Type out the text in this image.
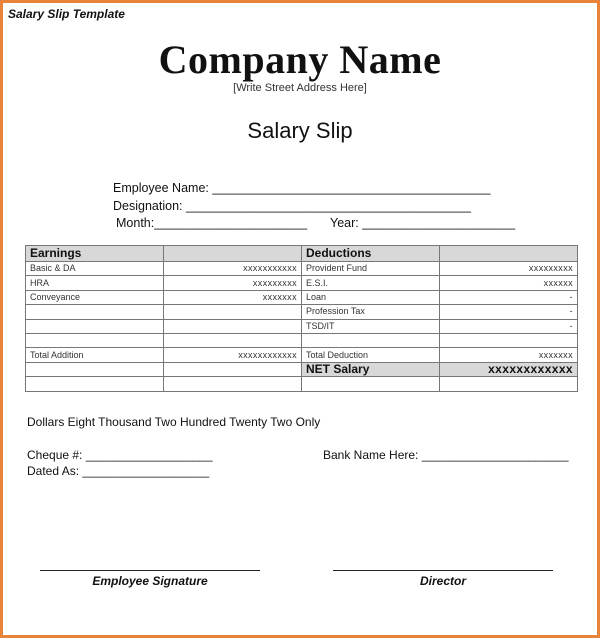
Salary Slip Template
Company Name
[Write Street Address Here]
Salary Slip
Employee Name: ________________________________________
Designation: _________________________________________
Month:______________________ Year: ______________________
Earnings		Deductions	
Basic & DA	xxxxxxxxxxx	Provident Fund	xxxxxxxxx
HRA	xxxxxxxxx	E.S.I.	xxxxxx
Conveyance	xxxxxxx	Loan	-
		Profession Tax	-
		TSD/IT	-

Total Addition	xxxxxxxxxxxx	Total Deduction	xxxxxxx
		NET Salary	xxxxxxxxxxxx

Dollars Eight Thousand Two Hundred Twenty Two Only
Cheque #: ___________________
Dated As: ___________________
Bank Name Here: ______________________
Employee Signature	Director
